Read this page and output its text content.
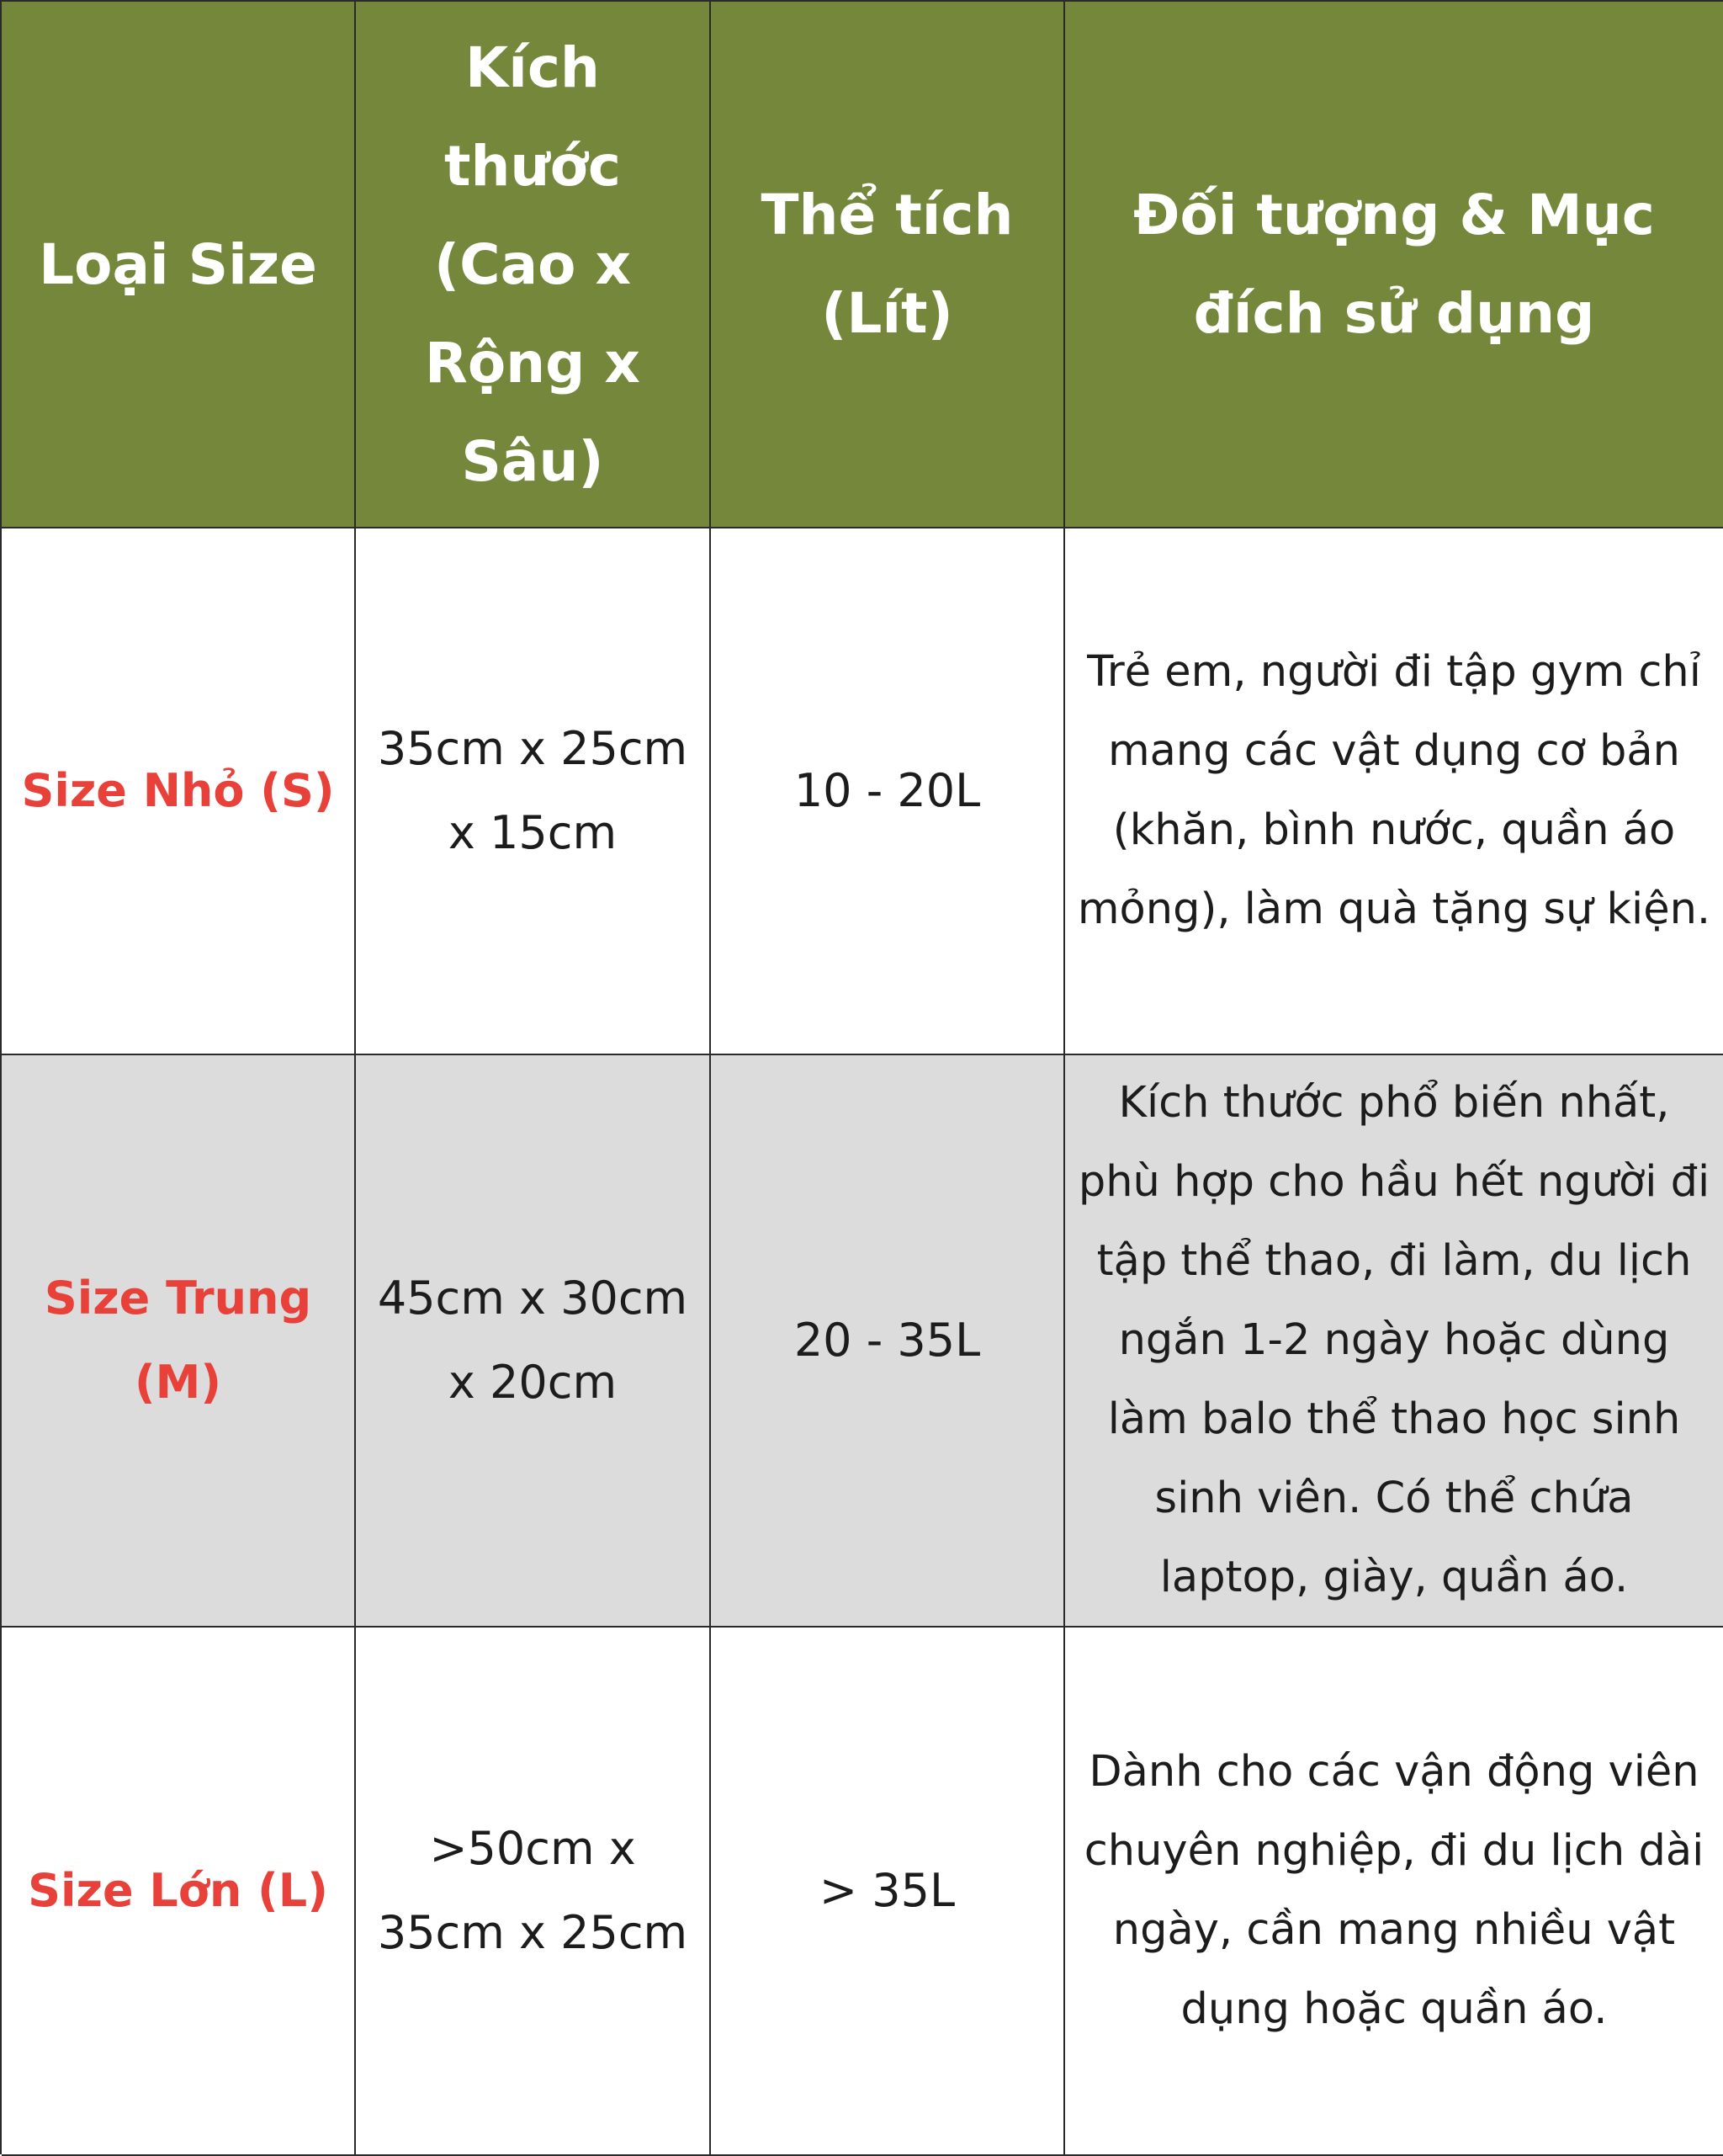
Loại Size
Kích thước (Cao x Rộng x Sâu)
Thể tích (Lít)
Đối tượng & Mục đích sử dụng
Size Nhỏ (S)
35cm x 25cm x 15cm
10 - 20L
Trẻ em, người đi tập gym chỉ mang các vật dụng cơ bản (khăn, bình nước, quần áo mỏng), làm quà tặng sự kiện.
Size Trung (M)
45cm x 30cm x 20cm
20 - 35L
Kích thước phổ biến nhất, phù hợp cho hầu hết người đi tập thể thao, đi làm, du lịch ngắn 1-2 ngày hoặc dùng làm balo thể thao học sinh sinh viên. Có thể chứa laptop, giày, quần áo.
Size Lớn (L)
>50cm x 35cm x 25cm
> 35L
Dành cho các vận động viên chuyên nghiệp, đi du lịch dài ngày, cần mang nhiều vật dụng hoặc quần áo.
